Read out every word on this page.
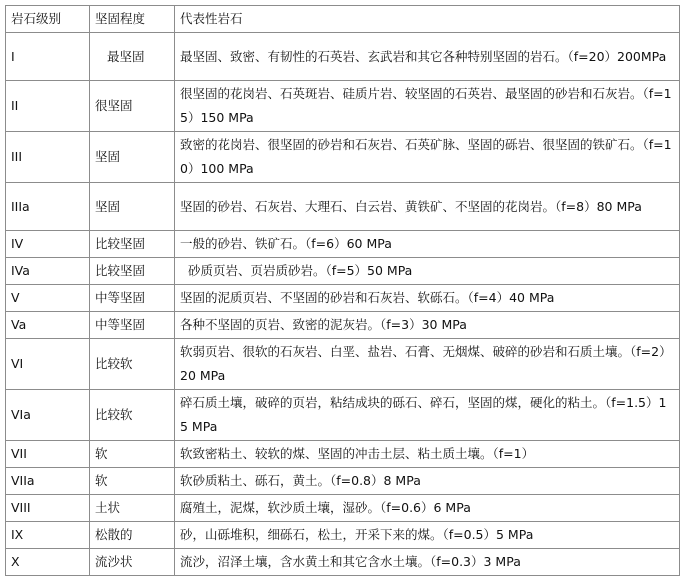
岩石级别	坚固程度	代表性岩石
I	最坚固	最坚固、致密、有韧性的石英岩、玄武岩和其它各种特别坚固的岩石。（f=20）200MPa
II	很坚固	很坚固的花岗岩、石英斑岩、硅质片岩、较坚固的石英岩、最坚固的砂岩和石灰岩。（f=15）150 MPa
III	坚固	致密的花岗岩、很坚固的砂岩和石灰岩、石英矿脉、坚固的砾岩、很坚固的铁矿石。（f=10）100 MPa
IIIa	坚固	坚固的砂岩、石灰岩、大理石、白云岩、黄铁矿、不坚固的花岗岩。（f=8）80 MPa
IV	比较坚固	一般的砂岩、铁矿石。（f=6）60 MPa
IVa	比较坚固	砂质页岩、页岩质砂岩。（f=5）50 MPa
V	中等坚固	坚固的泥质页岩、不坚固的砂岩和石灰岩、软砾石。（f=4）40 MPa
Va	中等坚固	各种不坚固的页岩、致密的泥灰岩。（f=3）30 MPa
VI	比较软	软弱页岩、很软的石灰岩、白垩、盐岩、石膏、无烟煤、破碎的砂岩和石质土壤。（f=2）20 MPa
VIa	比较软	碎石质土壤，破碎的页岩，粘结成块的砾石、碎石，坚固的煤，硬化的粘土。（f=1.5）15 MPa
VII	软	软致密粘土、较软的煤、坚固的冲击土层、粘土质土壤。（f=1）
VIIa	软	软砂质粘土、砾石，黄土。（f=0.8）8 MPa
VIII	土状	腐殖土，泥煤，软沙质土壤，湿砂。（f=0.6）6 MPa
IX	松散的	砂，山砾堆积，细砾石，松土，开采下来的煤。（f=0.5）5 MPa
X	流沙状	流沙，沼泽土壤，含水黄土和其它含水土壤。（f=0.3）3 MPa
